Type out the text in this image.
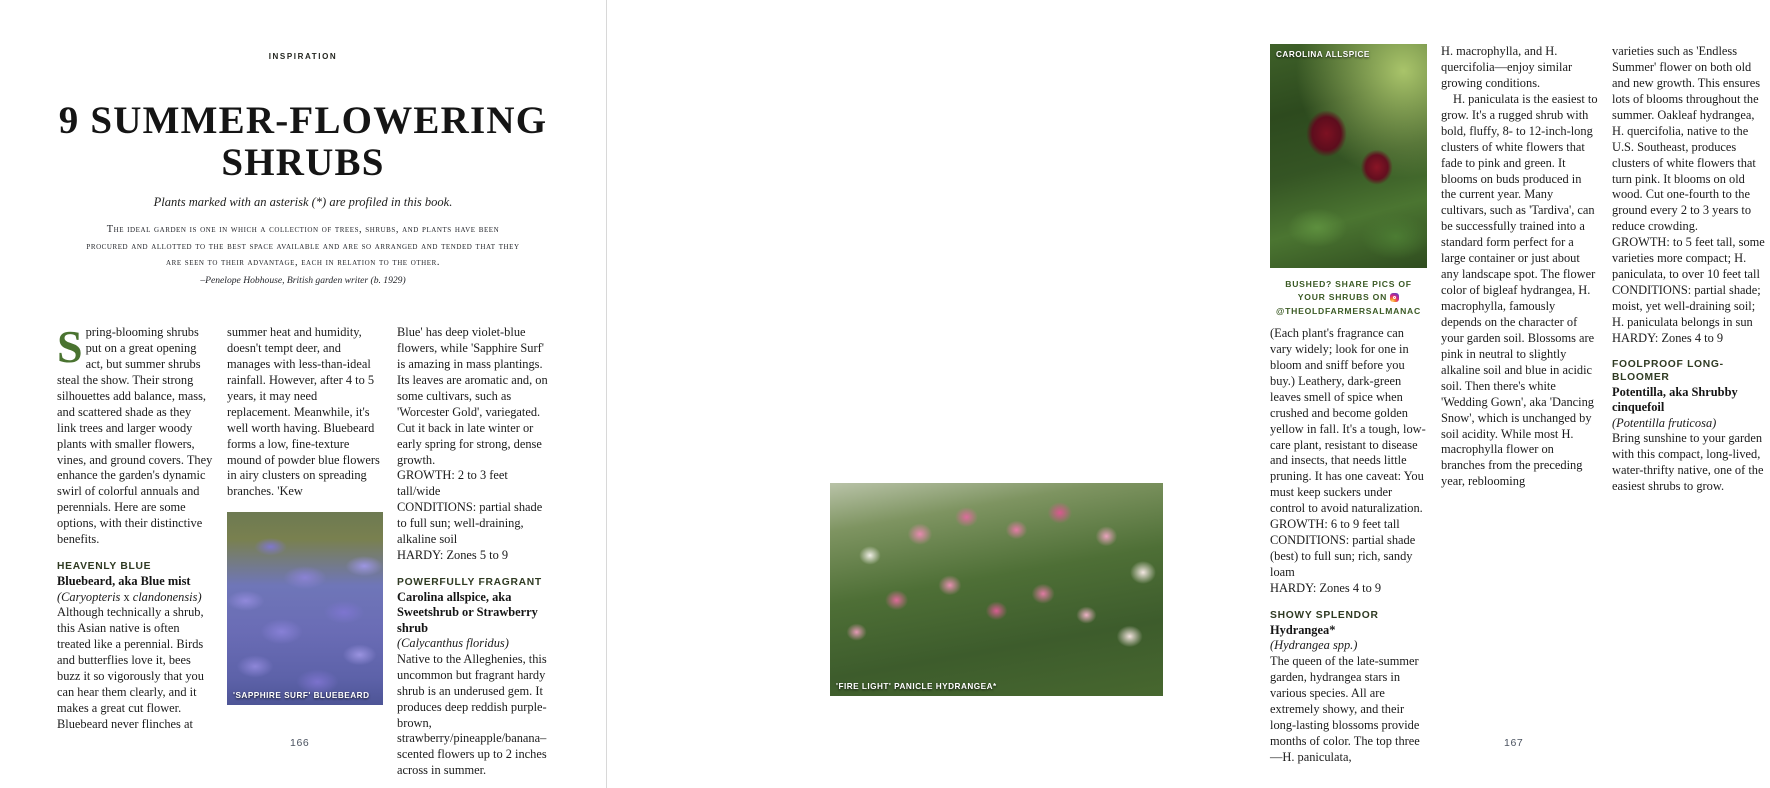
INSPIRATION
9 SUMMER-FLOWERING
SHRUBS
Plants marked with an asterisk (*) are profiled in this book.
The ideal garden is one in which a collection of trees, shrubs, and plants have been procured and allotted to the best space available and are so arranged and tended that they are seen to their advantage, each in relation to the other.
–Penelope Hobhouse, British garden writer (b. 1929)

Spring-blooming shrubs put on a great opening act, but summer shrubs steal the show. Their strong silhouettes add balance, mass, and scattered shade as they link trees and larger woody plants with smaller flowers, vines, and ground covers. They enhance the garden's dynamic swirl of colorful annuals and perennials. Here are some options, with their distinctive benefits.

HEAVENLY BLUE
Bluebeard, aka Blue mist
(Caryopteris x clandonensis)

Although technically a shrub, this Asian native is often treated like a perennial. Birds and butterflies love it, bees buzz it so vigorously that you can hear them clearly, and it makes a great cut flower. Bluebeard never flinches at

summer heat and humidity, doesn't tempt deer, and manages with less-than-ideal rainfall. However, after 4 to 5 years, it may need replacement. Meanwhile, it's well worth having. Bluebeard forms a low, fine-texture mound of powder blue flowers in airy clusters on spreading branches. 'Kew

'SAPPHIRE SURF' BLUEBEARD

Blue' has deep violet-blue flowers, while 'Sapphire Surf' is amazing in mass plantings. Its leaves are aromatic and, on some cultivars, such as 'Worcester Gold', variegated. Cut it back in late winter or early spring for strong, dense growth.

GROWTH: 2 to 3 feet tall/wide
CONDITIONS: partial shade to full sun; well-draining, alkaline soil
HARDY: Zones 5 to 9
POWERFULLY FRAGRANT
Carolina allspice, aka Sweetshrub or Strawberry shrub
(Calycanthus floridus)

Native to the Alleghenies, this uncommon but fragrant hardy shrub is an underused gem. It produces deep reddish purple-brown, strawberry/pineapple/banana–scented flowers up to 2 inches across in summer.

166
CAROLINA ALLSPICE
BUSHED? SHARE PICS OF
YOUR SHRUBS ON
@THEOLDFARMERSALMANAC

(Each plant's fragrance can vary widely; look for one in bloom and sniff before you buy.) Leathery, dark-green leaves smell of spice when crushed and become golden yellow in fall. It's a tough, low-care plant, resistant to disease and insects, that needs little pruning. It has one caveat: You must keep suckers under control to avoid naturalization.

GROWTH: 6 to 9 feet tall
CONDITIONS: partial shade (best) to full sun; rich, sandy loam
HARDY: Zones 4 to 9
SHOWY SPLENDOR
Hydrangea*
(Hydrangea spp.)

The queen of the late-summer garden, hydrangea stars in various species. All are extremely showy, and their long-lasting blossoms provide months of color. The top three—H. paniculata,

H. macrophylla, and H. quercifolia—enjoy similar growing conditions.

H. paniculata is the easiest to grow. It's a rugged shrub with bold, fluffy, 8- to 12-inch-long clusters of white flowers that fade to pink and green. It blooms on buds produced in the current year. Many cultivars, such as 'Tardiva', can be successfully trained into a standard form perfect for a large container or just about any landscape spot. The flower color of bigleaf hydrangea, H. macrophylla, famously depends on the character of your garden soil. Blossoms are pink in neutral to slightly alkaline soil and blue in acidic soil. Then there's white 'Wedding Gown', aka 'Dancing Snow', which is unchanged by soil acidity. While most H. macrophylla flower on branches from the preceding year, reblooming

varieties such as 'Endless Summer' flower on both old and new growth. This ensures lots of blooms throughout the summer. Oakleaf hydrangea, H. quercifolia, native to the U.S. Southeast, produces clusters of white flowers that turn pink. It blooms on old wood. Cut one-fourth to the ground every 2 to 3 years to reduce crowding.

GROWTH: to 5 feet tall, some varieties more compact; H. paniculata, to over 10 feet tall
CONDITIONS: partial shade; moist, yet well-draining soil; H. paniculata belongs in sun
HARDY: Zones 4 to 9
FOOLPROOF LONG-BLOOMER
Potentilla, aka Shrubby cinquefoil
(Potentilla fruticosa)

Bring sunshine to your garden with this compact, long-lived, water-thrifty native, one of the easiest shrubs to grow.

'FIRE LIGHT' PANICLE HYDRANGEA*
167
